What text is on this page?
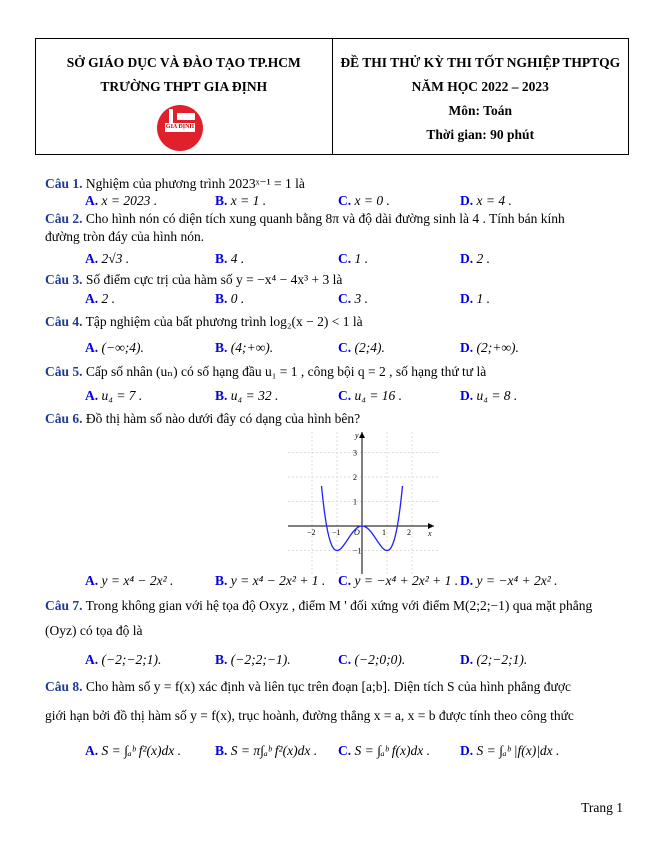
SỞ GIÁO DỤC VÀ ĐÀO TẠO TP.HCM
TRƯỜNG THPT GIA ĐỊNH
GIA ĐỊNH
ĐỀ THI THỬ KỲ THI TỐT NGHIỆP THPTQG
NĂM HỌC 2022 – 2023
Môn: Toán
Thời gian: 90 phút
Câu 1. Nghiệm của phương trình 2023ˣ⁻¹ = 1 là
A. x = 2023 .	B. x = 1 .	C. x = 0 .	D. x = 4 .
Câu 2. Cho hình nón có diện tích xung quanh bằng 8π và độ dài đường sinh là 4 . Tính bán kính
đường tròn đáy của hình nón.
A. 2√3 .	B. 4 .	C. 1 .	D. 2 .
Câu 3. Số điểm cực trị của hàm số y = −x⁴ − 4x³ + 3 là
A. 2 .	B. 0 .	C. 3 .	D. 1 .
Câu 4. Tập nghiệm của bất phương trình log₂(x − 2) < 1 là
A. (−∞;4).	B. (4;+∞).	C. (2;4).	D. (2;+∞).
Câu 5. Cấp số nhân (uₙ) có số hạng đầu u₁ = 1 , công bội q = 2 , số hạng thứ tư là
A. u₄ = 7 .	B. u₄ = 32 .	C. u₄ = 16 .	D. u₄ = 8 .
Câu 6. Đồ thị hàm số nào dưới đây có dạng của hình bên?
A. y = x⁴ − 2x² .	B. y = x⁴ − 2x² + 1 . C. y = −x⁴ + 2x² + 1 . D. y = −x⁴ + 2x² .
Câu 7. Trong không gian với hệ tọa độ Oxyz , điểm M ' đối xứng với điểm M(2;2;−1) qua mặt phẳng
(Oyz) có tọa độ là
A. (−2;−2;1).	B. (−2;2;−1).	C. (−2;0;0).	D. (2;−2;1).
Câu 8. Cho hàm số y = f(x) xác định và liên tục trên đoạn [a;b]. Diện tích S của hình phẳng được
giới hạn bởi đồ thị hàm số y = f(x), trục hoành, đường thẳng x = a, x = b được tính theo công thức
A. S = ∫ₐᵇ f²(x)dx .	B. S = π∫ₐᵇ f²(x)dx . C. S = ∫ₐᵇ f(x)dx . D. S = ∫ₐᵇ |f(x)|dx .
−2 −1	1	2
3
2
1
−1
x
y
O
Trang 1
